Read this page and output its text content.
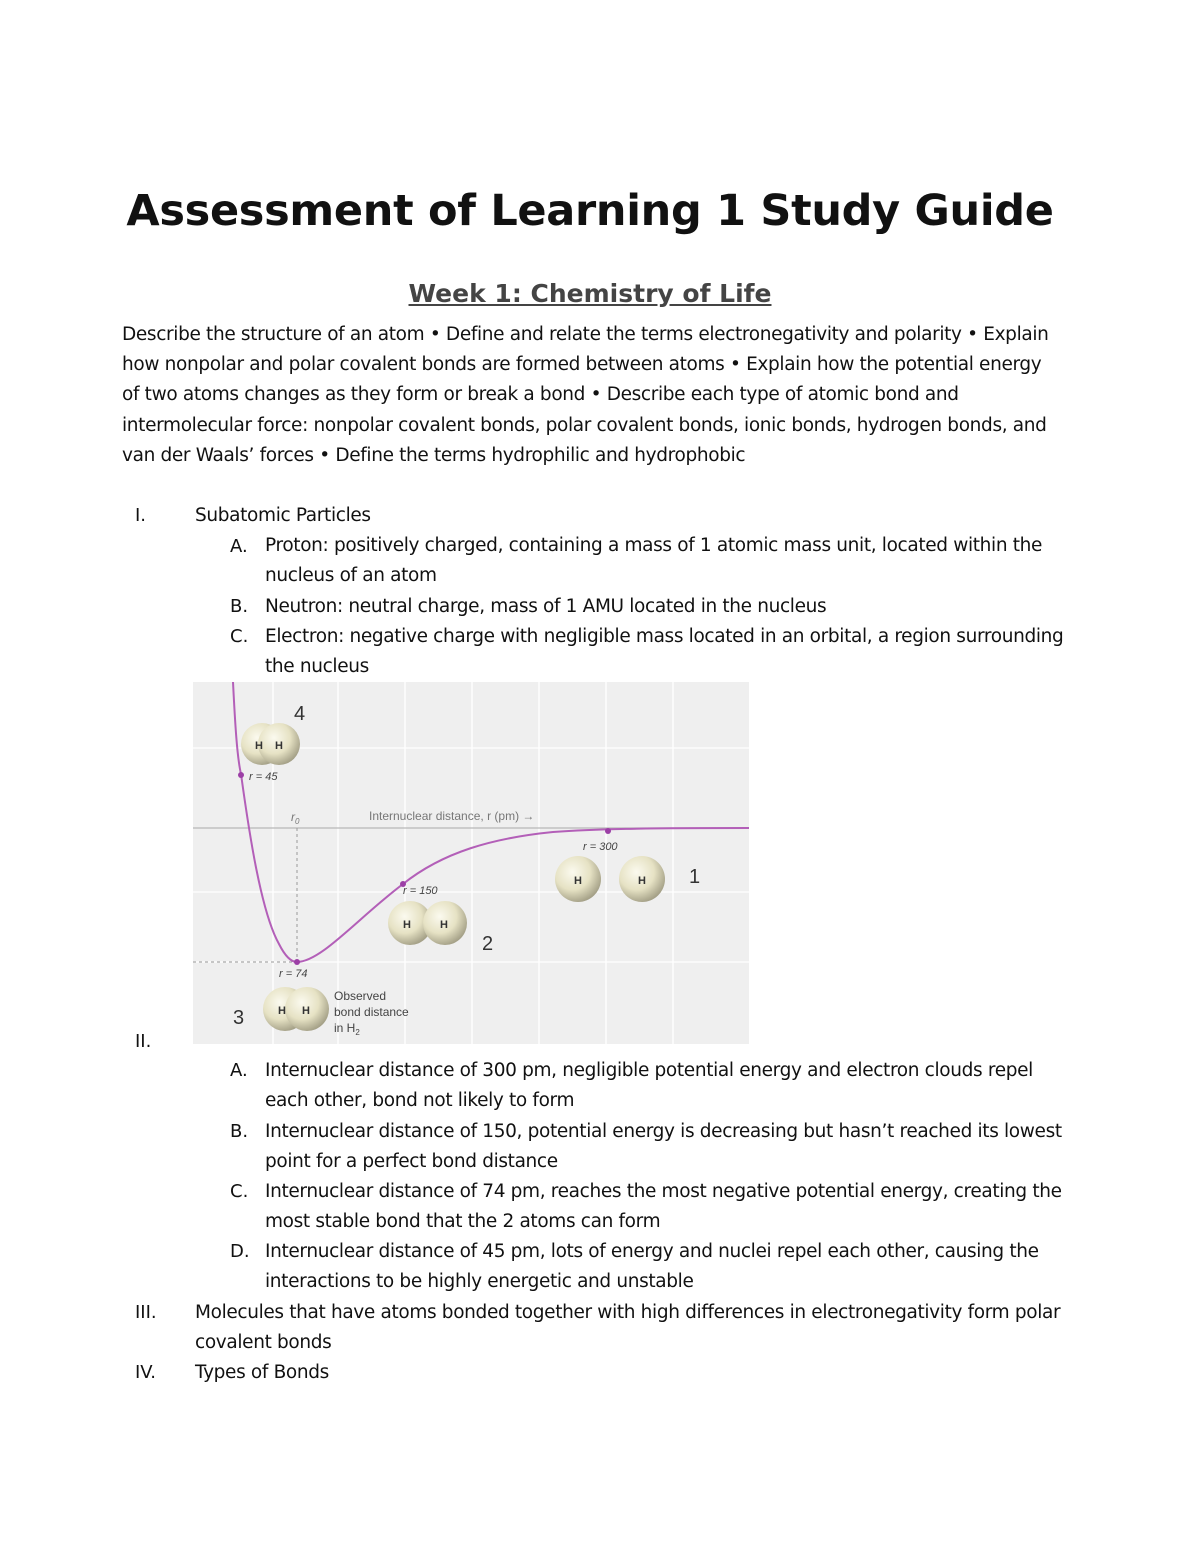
Assessment of Learning 1 Study Guide
Week 1: Chemistry of Life

Describe the structure of an atom • Define and relate the terms electronegativity and polarity • Explain how nonpolar and polar covalent bonds are formed between atoms • Explain how the potential energy of two atoms changes as they form or break a bond • Describe each type of atomic bond and intermolecular force: nonpolar covalent bonds, polar covalent bonds, ionic bonds, hydrogen bonds, and van der Waals’ forces • Define the terms hydrophilic and hydrophobic

I.	Subatomic Particles
A. Proton: positively charged, containing a mass of 1 atomic mass unit, located within the nucleus of an atom
B. Neutron: neutral charge, mass of 1 AMU located in the nucleus
C. Electron: negative charge with negligible mass located in an orbital, a region surrounding the nucleus
Internuclear distance, r (pm) →
$r_0$
H H
4
r = 45
H	H 1
r = 300
H	H
2
r = 150
H H
3
r = 74
Observed
bond distance
in $H_2$
II.
A. Internuclear distance of 300 pm, negligible potential energy and electron clouds repel each other, bond not likely to form
B. Internuclear distance of 150, potential energy is decreasing but hasn’t reached its lowest point for a perfect bond distance
C. Internuclear distance of 74 pm, reaches the most negative potential energy, creating the most stable bond that the 2 atoms can form
D. Internuclear distance of 45 pm, lots of energy and nuclei repel each other, causing the interactions to be highly energetic and unstable
III.	Molecules that have atoms bonded together with high differences in electronegativity form polar covalent bonds
IV.	Types of Bonds
